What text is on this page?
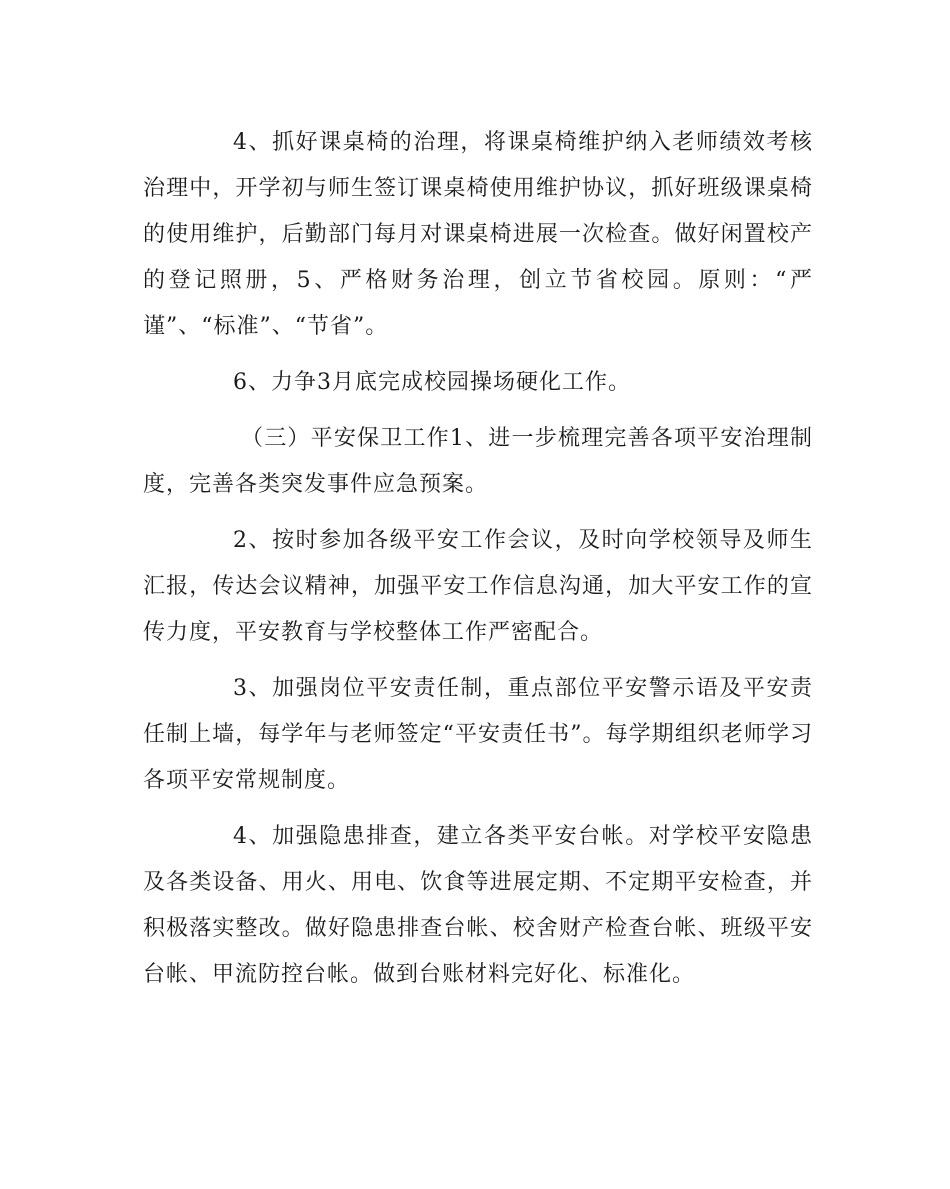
4、抓好课桌椅的治理，将课桌椅维护纳入老师绩效考核治理中，开学初与师生签订课桌椅使用维护协议，抓好班级课桌椅的使用维护，后勤部门每月对课桌椅进展一次检查。做好闲置校产的登记照册，5、严格财务治理，创立节省校园。原则：“严谨”、“标准”、“节省”。

6、力争3月底完成校园操场硬化工作。

（三）平安保卫工作1、进一步梳理完善各项平安治理制度，完善各类突发事件应急预案。

2、按时参加各级平安工作会议，及时向学校领导及师生汇报，传达会议精神，加强平安工作信息沟通，加大平安工作的宣传力度，平安教育与学校整体工作严密配合。

3、加强岗位平安责任制，重点部位平安警示语及平安责任制上墙，每学年与老师签定“平安责任书”。每学期组织老师学习各项平安常规制度。

4、加强隐患排查，建立各类平安台帐。对学校平安隐患及各类设备、用火、用电、饮食等进展定期、不定期平安检查，并积极落实整改。做好隐患排查台帐、校舍财产检查台帐、班级平安台帐、甲流防控台帐。做到台账材料完好化、标准化。
